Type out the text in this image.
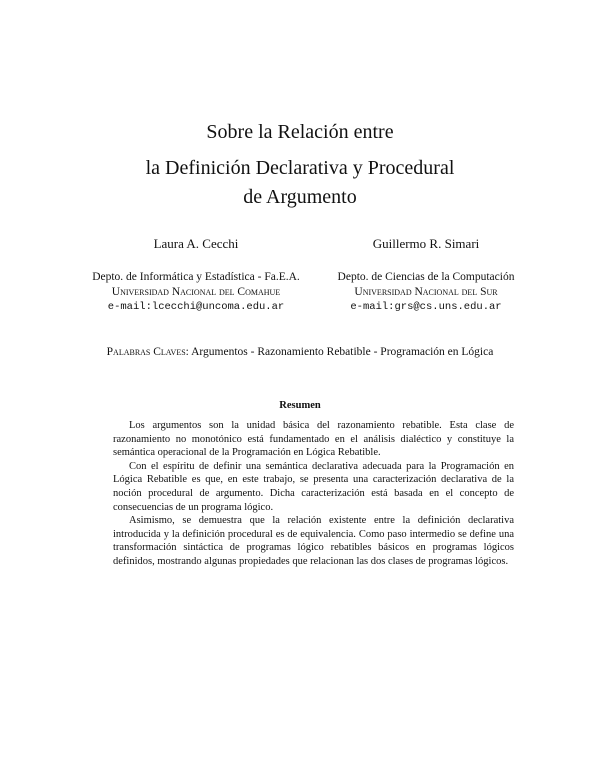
Sobre la Relación entre
la Definición Declarativa y Procedural
de Argumento
Laura A. Cecchi
Depto. de Informática y Estadística - Fa.E.A.
Universidad Nacional del Comahue
e-mail:lcecchi@uncoma.edu.ar
Guillermo R. Simari
Depto. de Ciencias de la Computación
Universidad Nacional del Sur
e-mail:grs@cs.uns.edu.ar
Palabras Claves: Argumentos - Razonamiento Rebatible - Programación en Lógica
Resumen

Los argumentos son la unidad básica del razonamiento rebatible. Esta clase de razonamiento no monotónico está fundamentado en el análisis dialéctico y constituye la semántica operacional de la Programación en Lógica Rebatible.

Con el espíritu de definir una semántica declarativa adecuada para la Programación en Lógica Rebatible es que, en este trabajo, se presenta una caracterización declarativa de la noción procedural de argumento. Dicha caracterización está basada en el concepto de consecuencias de un programa lógico.

Asimismo, se demuestra que la relación existente entre la definición declarativa introducida y la definición procedural es de equivalencia. Como paso intermedio se define una transformación sintáctica de programas lógico rebatibles básicos en programas lógicos definidos, mostrando algunas propiedades que relacionan las dos clases de programas lógicos.
